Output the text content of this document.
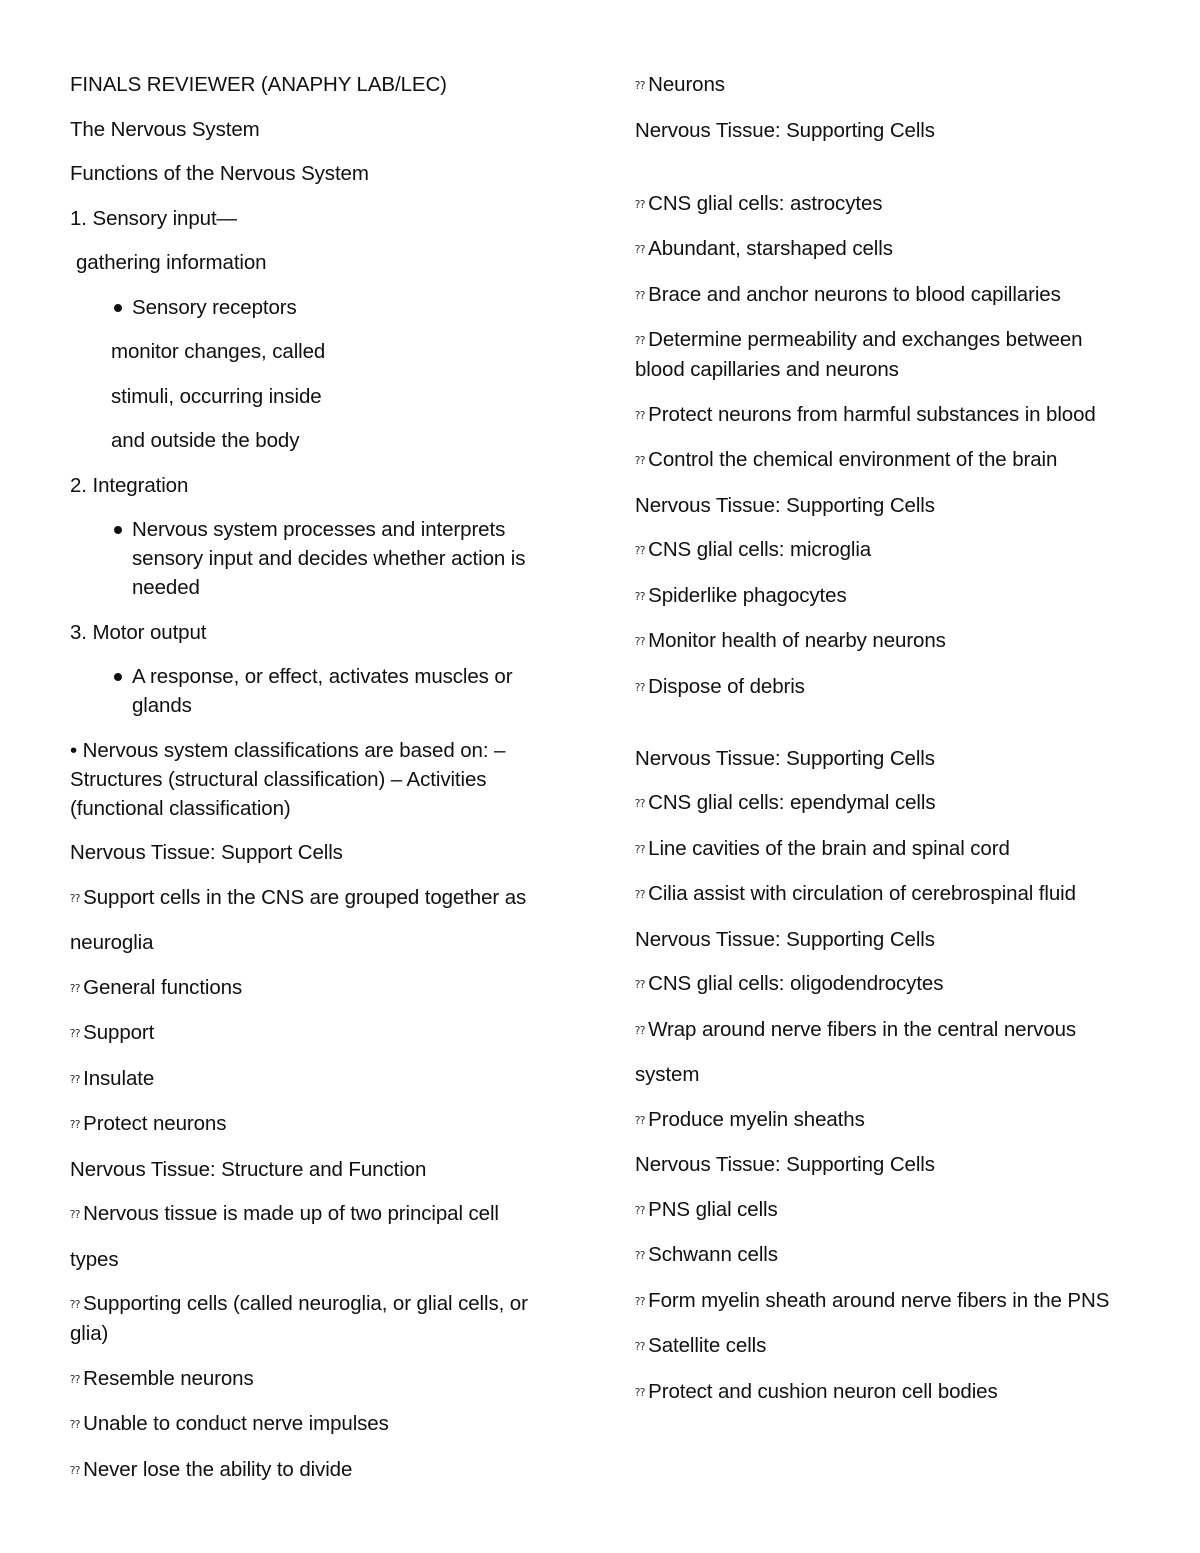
FINALS REVIEWER (ANAPHY LAB/LEC)
The Nervous System
Functions of the Nervous System
1. Sensory input—
gathering information
Sensory receptors
monitor changes, called
stimuli, occurring inside
and outside the body
2. Integration
Nervous system processes and interprets sensory input and decides whether action is needed
3. Motor output
A response, or effect, activates muscles or glands
• Nervous system classifications are based on: – Structures (structural classification) – Activities (functional classification)
Nervous Tissue: Support Cells
⁇ Support cells in the CNS are grouped together as
neuroglia
⁇ General functions
⁇ Support
⁇ Insulate
⁇ Protect neurons
Nervous Tissue: Structure and Function
⁇ Nervous tissue is made up of two principal cell
types
⁇ Supporting cells (called neuroglia, or glial cells, or glia)
⁇ Resemble neurons
⁇ Unable to conduct nerve impulses
⁇ Never lose the ability to divide
⁇ Neurons
Nervous Tissue: Supporting Cells
⁇ CNS glial cells: astrocytes
⁇ Abundant, starshaped cells
⁇ Brace and anchor neurons to blood capillaries
⁇ Determine permeability and exchanges between blood capillaries and neurons
⁇ Protect neurons from harmful substances in blood
⁇ Control the chemical environment of the brain
Nervous Tissue: Supporting Cells
⁇ CNS glial cells: microglia
⁇ Spiderlike phagocytes
⁇ Monitor health of nearby neurons
⁇ Dispose of debris
Nervous Tissue: Supporting Cells
⁇ CNS glial cells: ependymal cells
⁇ Line cavities of the brain and spinal cord
⁇ Cilia assist with circulation of cerebrospinal fluid
Nervous Tissue: Supporting Cells
⁇ CNS glial cells: oligodendrocytes
⁇ Wrap around nerve fibers in the central nervous
system
⁇ Produce myelin sheaths
Nervous Tissue: Supporting Cells
⁇ PNS glial cells
⁇ Schwann cells
⁇ Form myelin sheath around nerve fibers in the PNS
⁇ Satellite cells
⁇ Protect and cushion neuron cell bodies
